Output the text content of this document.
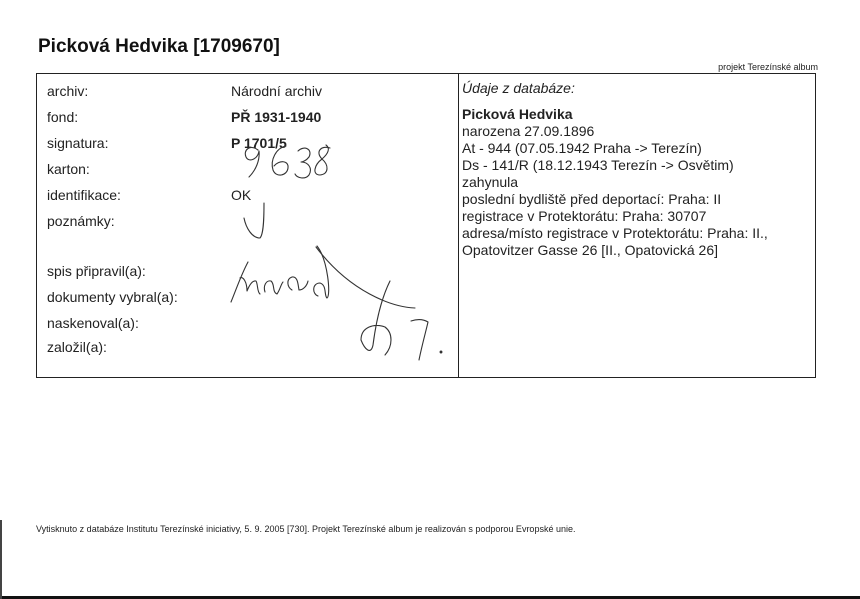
Picková Hedvika [1709670]
projekt Terezínské album
archiv:	Národní archiv
fond:	PŘ 1931-1940
signatura:	P 1701/5
karton:
identifikace:	OK
poznámky:
spis připravil(a):
dokumenty vybral(a):
naskenoval(a):
založil(a):
Údaje z databáze:
Picková Hedvika
narozena 27.09.1896
At - 944 (07.05.1942 Praha -> Terezín)
Ds - 141/R (18.12.1943 Terezín -> Osvětim)
zahynula
poslední bydliště před deportací: Praha: II
registrace v Protektorátu: Praha: 30707
adresa/místo registrace v Protektorátu: Praha: II.,
Opatovitzer Gasse 26 [II., Opatovická 26]
Vytisknuto z databáze Institutu Terezínské iniciativy, 5. 9. 2005 [730]. Projekt Terezínské album je realizován s podporou Evropské unie.
